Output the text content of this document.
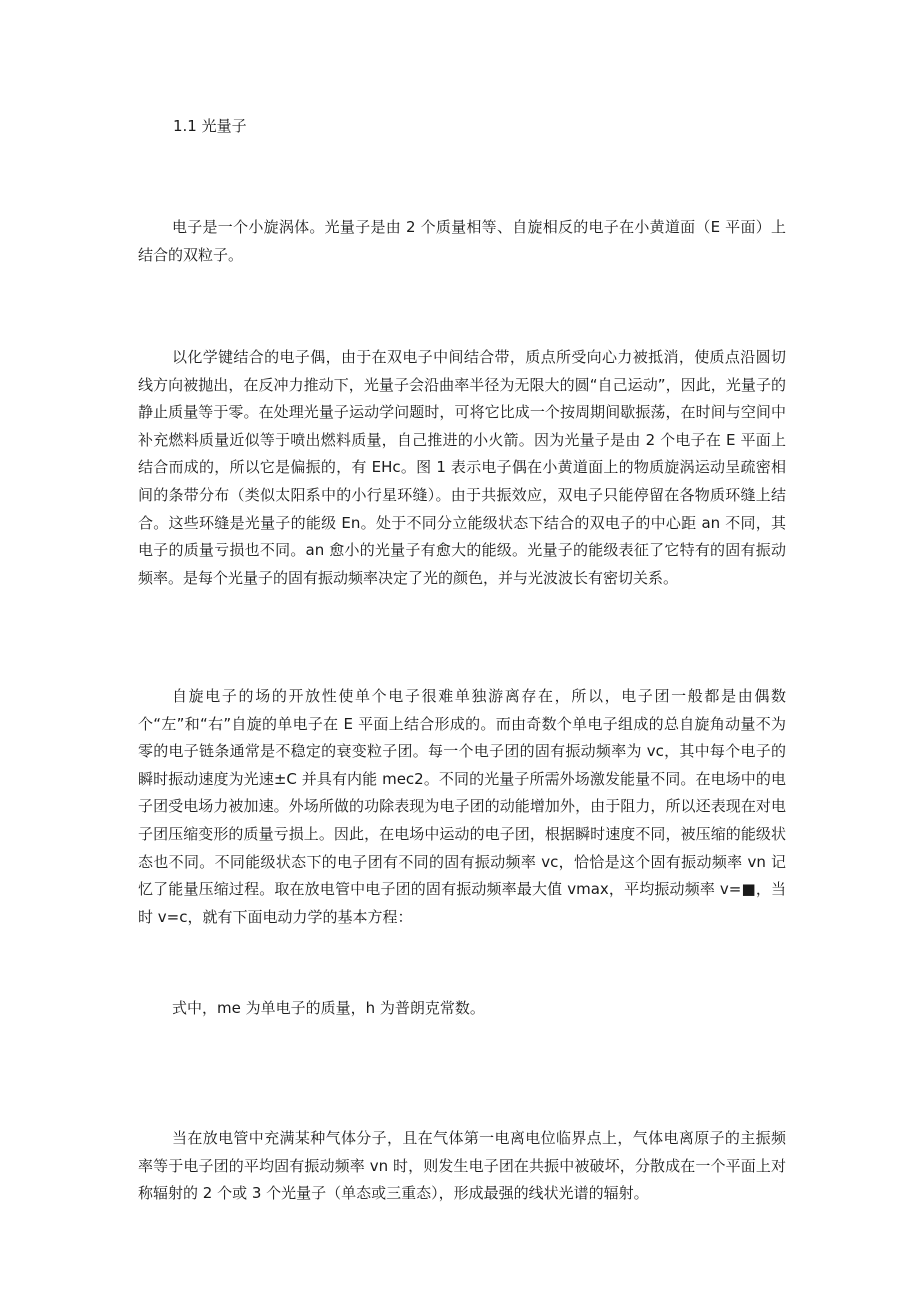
1.1 光量子

电子是一个小旋涡体。光量子是由 2 个质量相等、自旋相反的电子在小黄道面（E 平面）上结合的双粒子。

以化学键结合的电子偶，由于在双电子中间结合带，质点所受向心力被抵消，使质点沿圆切线方向被抛出，在反冲力推动下，光量子会沿曲率半径为无限大的圆“自己运动”，因此，光量子的静止质量等于零。在处理光量子运动学问题时，可将它比成一个按周期间歇振荡，在时间与空间中补充燃料质量近似等于喷出燃料质量，自己推进的小火箭。因为光量子是由 2 个电子在 E 平面上结合而成的，所以它是偏振的，有 EHc。图 1 表示电子偶在小黄道面上的物质旋涡运动呈疏密相间的条带分布（类似太阳系中的小行星环缝）。由于共振效应，双电子只能停留在各物质环缝上结合。这些环缝是光量子的能级 En。处于不同分立能级状态下结合的双电子的中心距 an 不同，其电子的质量亏损也不同。an 愈小的光量子有愈大的能级。光量子的能级表征了它特有的固有振动频率。是每个光量子的固有振动频率决定了光的颜色，并与光波波长有密切关系。

自旋电子的场的开放性使单个电子很难单独游离存在，所以，电子团一般都是由偶数个“左”和“右”自旋的单电子在 E 平面上结合形成的。而由奇数个单电子组成的总自旋角动量不为零的电子链条通常是不稳定的衰变粒子团。每一个电子团的固有振动频率为 vc，其中每个电子的瞬时振动速度为光速±C 并具有内能 mec2。不同的光量子所需外场激发能量不同。在电场中的电子团受电场力被加速。外场所做的功除表现为电子团的动能增加外，由于阻力，所以还表现在对电子团压缩变形的质量亏损上。因此，在电场中运动的电子团，根据瞬时速度不同，被压缩的能级状态也不同。不同能级状态下的电子团有不同的固有振动频率 vc，恰恰是这个固有振动频率 vn 记忆了能量压缩过程。取在放电管中电子团的固有振动频率最大值 vmax，平均振动频率 v=■，当时 v=c，就有下面电动力学的基本方程：

式中，me 为单电子的质量，h 为普朗克常数。

当在放电管中充满某种气体分子，且在气体第一电离电位临界点上，气体电离原子的主振频率等于电子团的平均固有振动频率 vn 时，则发生电子团在共振中被破坏，分散成在一个平面上对称辐射的 2 个或 3 个光量子（单态或三重态），形成最强的线状光谱的辐射。
